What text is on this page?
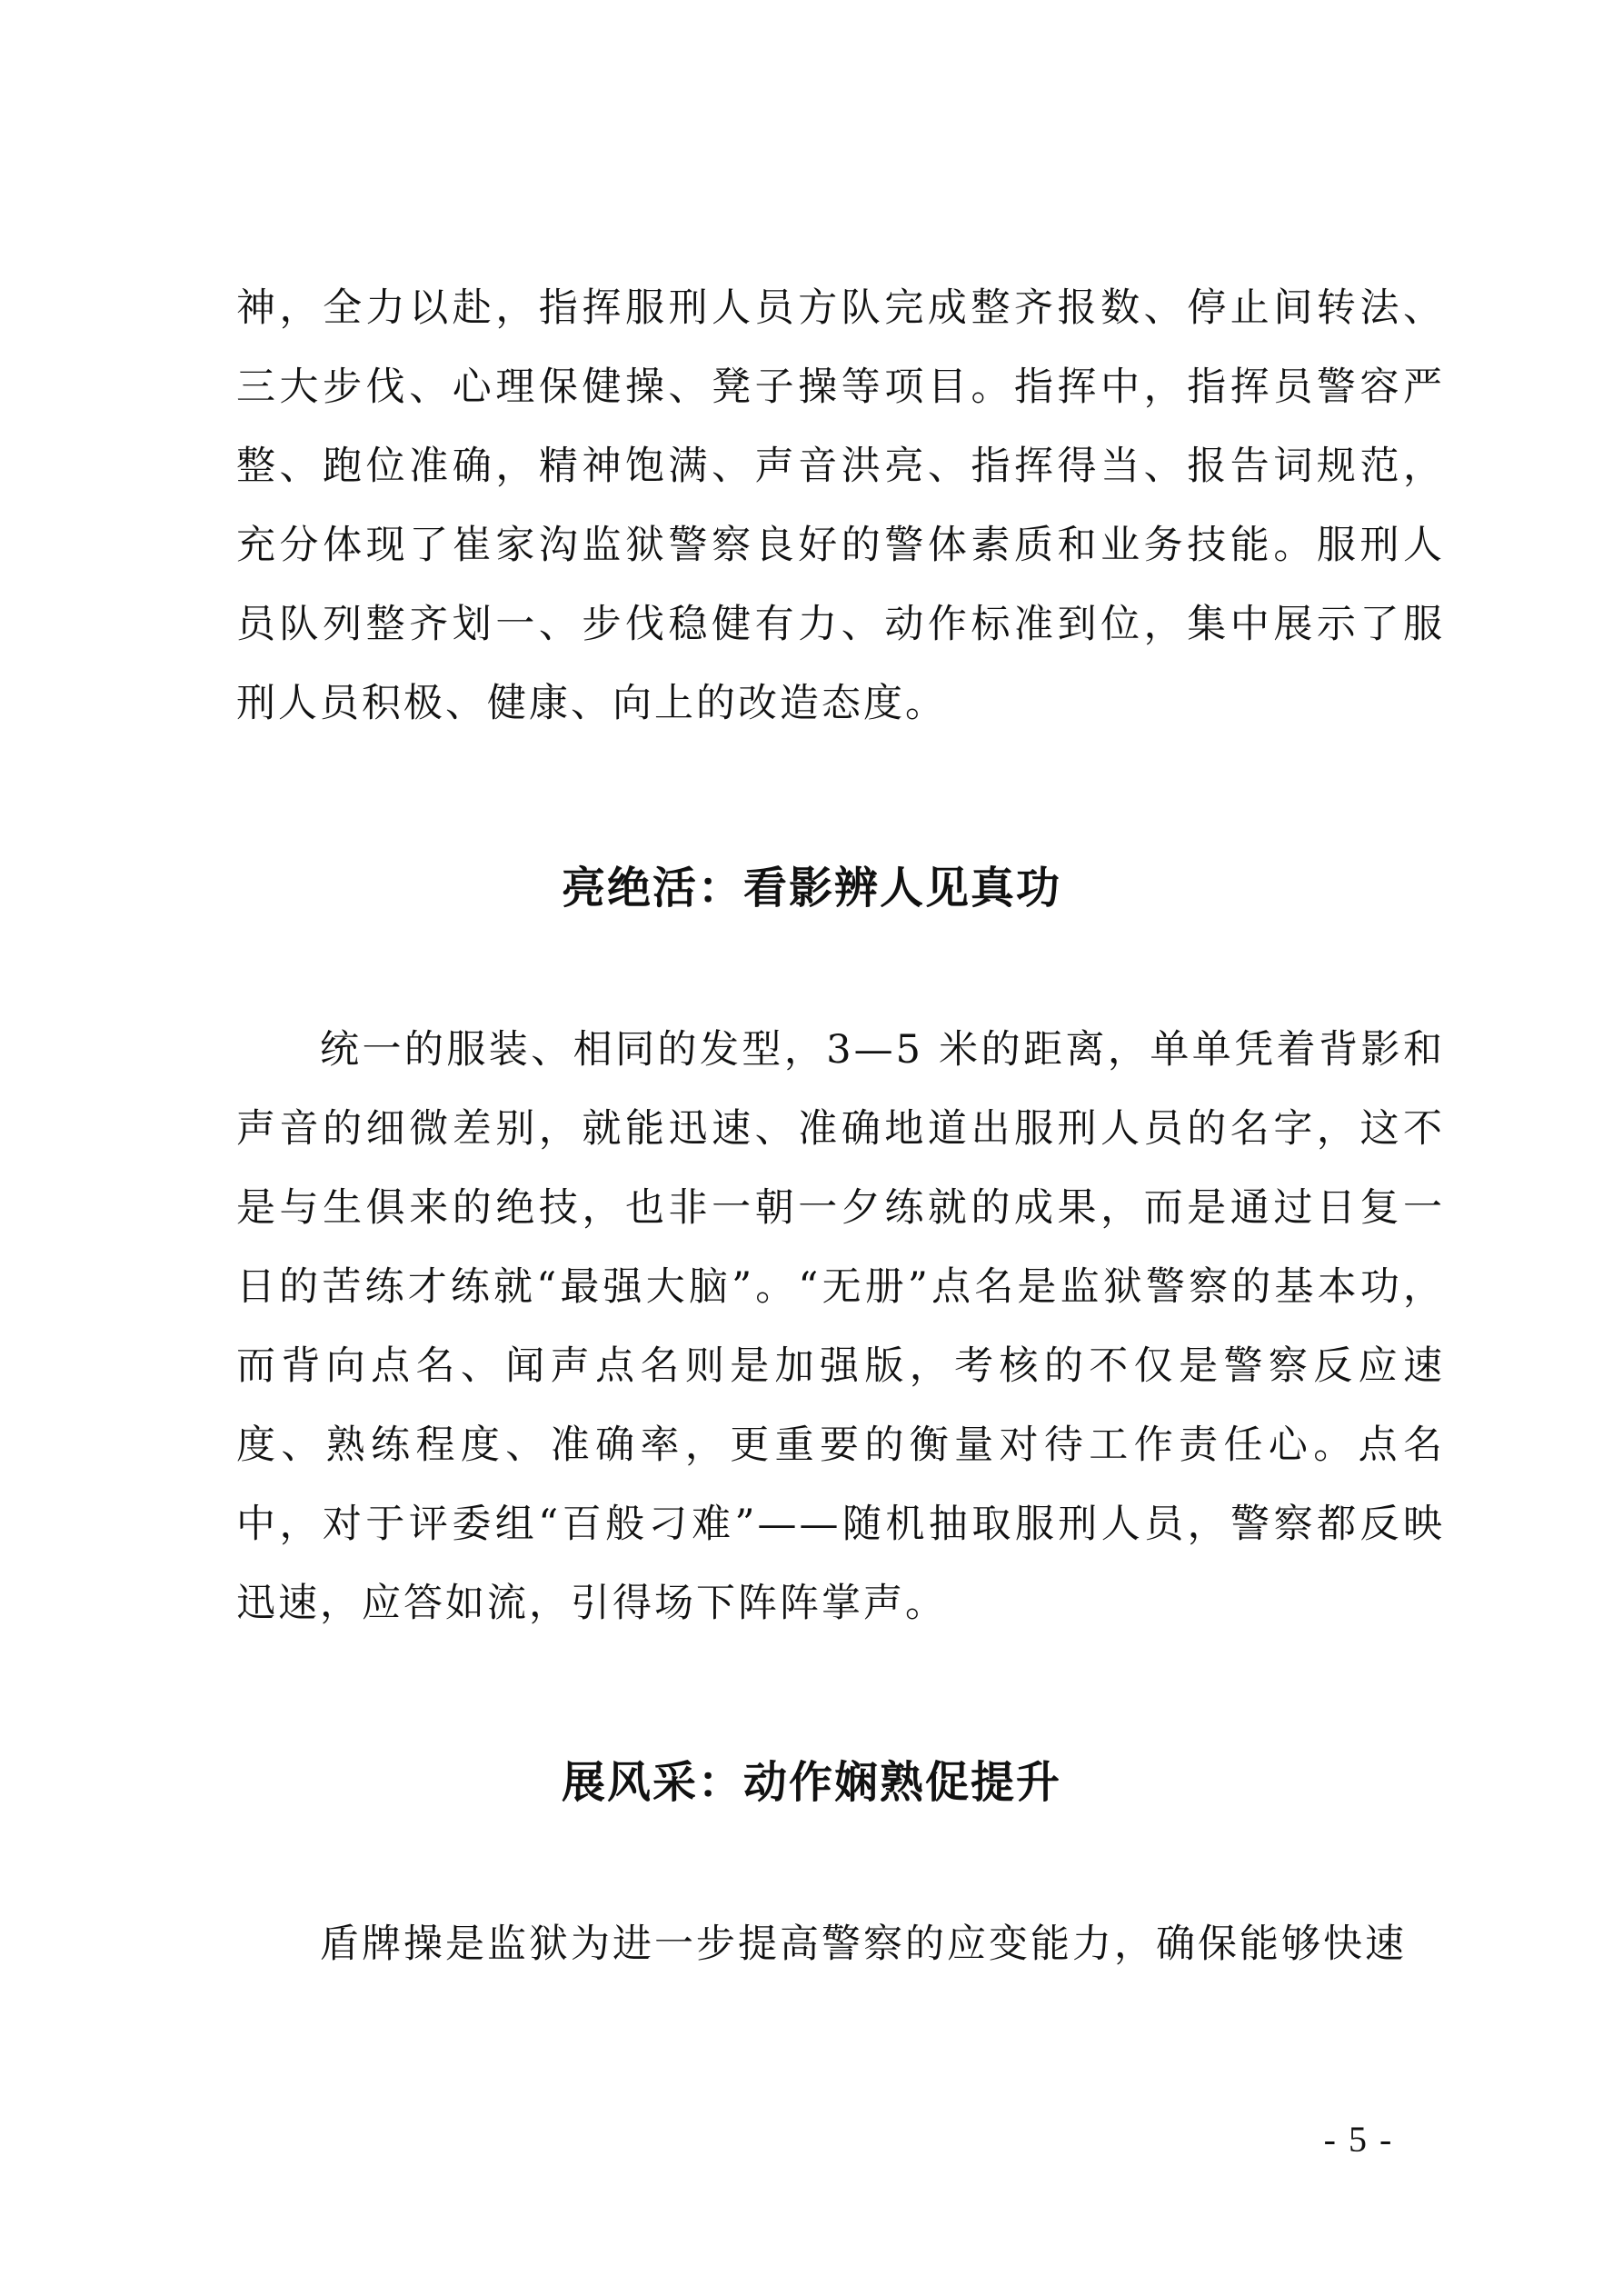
神，全力以赴，指挥服刑人员方队完成整齐报数、停止间转法、三大步伐、心理保健操、凳子操等项目。指挥中，指挥员警容严整、跑位准确，精神饱满、声音洪亮、指挥得当、报告词规范，充分体现了崔家沟监狱警察良好的警体素质和业务技能。服刑人员队列整齐划一、步伐稳健有力、动作标准到位，集中展示了服刑人员积极、健康、向上的改造态度。

亮绝活：看影辨人见真功

统一的服装、相同的发型，3—5 米的距离，单单凭着背影和声音的细微差别，就能迅速、准确地道出服刑人员的名字，这不是与生俱来的绝技，也非一朝一夕练就的成果，而是通过日复一日的苦练才练就“最强大脑”。“无册”点名是监狱警察的基本功，而背向点名、闻声点名则是加强版，考核的不仅是警察反应速度、熟练程度、准确率，更重要的衡量对待工作责任心。点名中，对于评委组“百般刁难”——随机抽取服刑人员，警察都反映迅速，应答如流，引得场下阵阵掌声。

展风采：动作娴熟促提升

盾牌操是监狱为进一步提高警察的应变能力，确保能够快速

- 5 -
